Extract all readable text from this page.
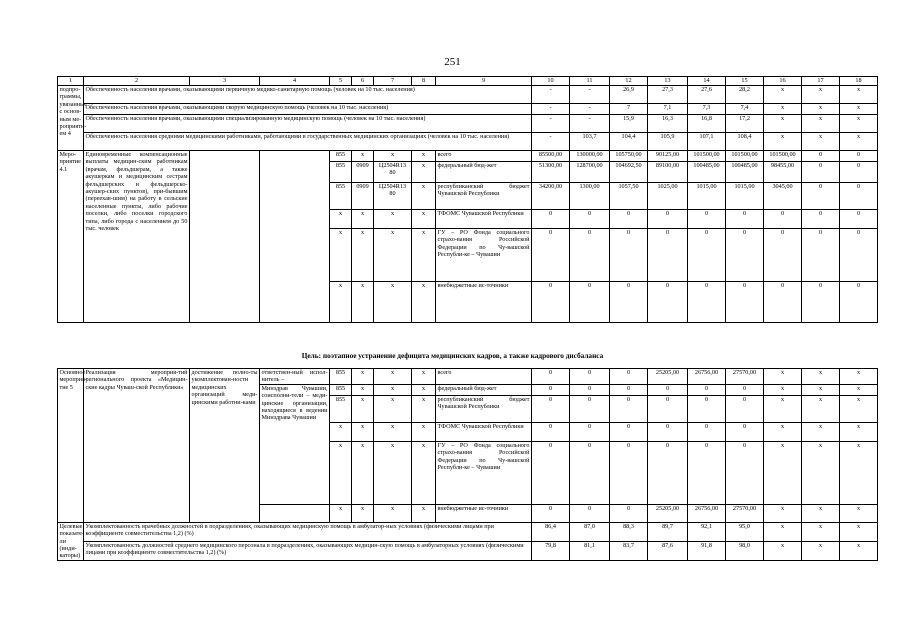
251
1	2	3	4	5	6	7	8	9	10	11	12	13	14	15	16	17	18
подпро-граммы, увязанные с основ-ным ме-роприяти-ем 4	Обеспеченность населения врачами, оказывающими первичную медико-санитарную помощь (человек на 10 тыс. населения)								-	-	26,9	27,3	27,6	28,2	x	x	x
	Обеспеченность населения врачами, оказывающими скорую медицинскую помощь (человек на 10 тыс. населения)								-	-	7	7,1	7,3	7,4	x	x	x
	Обеспеченность населения врачами, оказывающими специализированную медицинскую помощь (человек на 10 тыс. населения)								-	-	15,9	16,3	16,8	17,2	x	x	x
	Обеспеченность населения средними медицинскими работниками, работающими в государственных медицинских организациях (человек на 10 тыс. населения)								-	103,7	104,4	105,9	107,1	108,4	x	x	x
Меро-приятие 4.1	Единовременные компенсационные выплаты медицин-ским работникам (врачам, фельдшерам, а также акушеркам и медицинским сестрам фельдшерских и фельдшерско-акушер-ских пунктов), при-бывшим (переехав-шим) на работу в сельские населенные пункты, либо рабочие поселки, либо поселки городского типа, либо города с населением до 50 тыс. человек			855	x	x	x	всего	85500,00	130000,00	105750,00	90125,00	101500,00	101500,00	101500,00	0	0
				855	0909	Ц2504R13 80	x	федеральный бюд-жет	51300,00	128700,00	104692,50	89100,00	100485,00	100485,00	98455,00	0	0
				855	0909	Ц2504R13 80	x	республиканский бюджет Чувашской Республики	34200,00	1300,00	1057,50	1025,00	1015,00	1015,00	3045,00	0	0
				x	x	x	x	ТФОМС Чувашской Республики	0	0	0	0	0	0	0	0	0
				x	x	x	x	ГУ – РО Фонда социального страхо-вания Российской Федерации по Чу-вашской Республи-ке – Чувашии	0	0	0	0	0	0	0	0	0
				x	x	x	x	внебюджетные ис-точники	0	0	0	0	0	0	0	0	0
Цель: поэтапное устранение дефицита медицинских кадров, а также кадрового дисбаланса
Основное мероприя-тие 5	Реализация мероприя-тий регионального проекта «Медицин-ские кадры Чуваш-ской Республики»	достижение полно-ты укомплектован-ности медицинских организаций меди-цинскими работни-ками	ответствен-ный испол-нитель –	855	x	x	x	всего	0	0	0	25205,00	26756,00	27570,00	x	x	x
			Минздрав Чувашии, соисполни-тели – меди-цинские организации, находящиеся в ведении Минздрава Чувашии	855	x	x	x	федеральный бюд-жет	0	0	0	0	0	0	x	x	x
				855	x	x	x	республиканский бюджет Чувашской Республики	0	0	0	0	0	0	x	x	x
				x	x	x	x	ТФОМС Чувашской Республики	0	0	0	0	0	0	x	x	x
				x	x	x	x	ГУ – РО Фонда социального страхо-вания Российской Федерации по Чу-вашской Республи-ке – Чувашии	0	0	0	0	0	0	x	x	x
				x	x	x	x	внебюджетные ис-точники	0	0	0	25205,00	26756,00	27570,00	x	x	x
Целевые показате-ли (инди-каторы)	Укомплектованность врачебных должностей в подразделениях, оказывающих медицинскую помощь в амбулатор-ных условиях (физическими лицами при коэффициенте совместительства 1,2) (%)								86,4	87,0	88,3	89,7	92,1	95,0	x	x	x
	Укомплектованность должностей среднего медицинского персонала в подразделениях, оказывающих медицин-скую помощь в амбулаторных условиях (физическими лицами при коэффициенте совместительства 1,2) (%)								79,8	81,1	83,7	87,6	91,8	98,0	x	x	x
